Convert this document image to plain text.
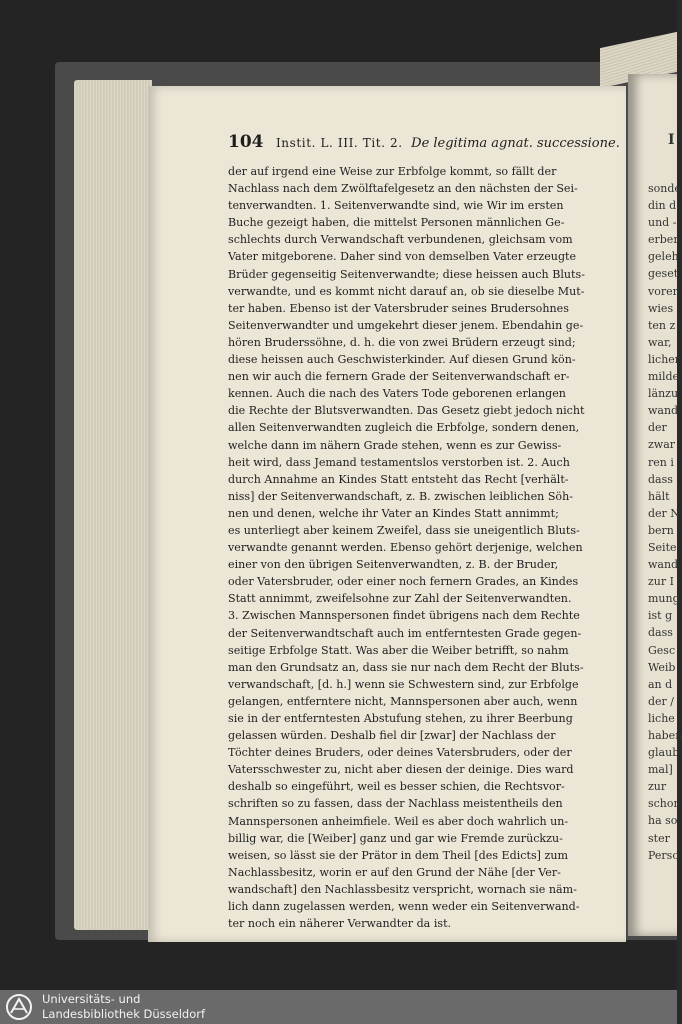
104 Instit. L. III. Tit. 2. De legitima agnat. successione.
der auf irgend eine Weise zur Erbfolge kommt, so fällt der
Nachlass nach dem Zwölftafelgesetz an den nächsten der Sei-
tenverwandten. 1. Seitenverwandte sind, wie Wir im ersten
Buche gezeigt haben, die mittelst Personen männlichen Ge-
schlechts durch Verwandschaft verbundenen, gleichsam vom
Vater mitgeborene. Daher sind von demselben Vater erzeugte
Brüder gegenseitig Seitenverwandte; diese heissen auch Bluts-
verwandte, und es kommt nicht darauf an, ob sie dieselbe Mut-
ter haben. Ebenso ist der Vatersbruder seines Brudersohnes
Seitenverwandter und umgekehrt dieser jenem. Ebendahin ge-
hören Bruderssöhne, d. h. die von zwei Brüdern erzeugt sind;
diese heissen auch Geschwisterkinder. Auf diesen Grund kön-
nen wir auch die fernern Grade der Seitenverwandschaft er-
kennen. Auch die nach des Vaters Tode geborenen erlangen
die Rechte der Blutsverwandten. Das Gesetz giebt jedoch nicht
allen Seitenverwandten zugleich die Erbfolge, sondern denen,
welche dann im nähern Grade stehen, wenn es zur Gewiss-
heit wird, dass Jemand testamentslos verstorben ist. 2. Auch
durch Annahme an Kindes Statt entsteht das Recht [verhält-
niss] der Seitenverwandschaft, z. B. zwischen leiblichen Söh-
nen und denen, welche ihr Vater an Kindes Statt annimmt;
es unterliegt aber keinem Zweifel, dass sie uneigentlich Bluts-
verwandte genannt werden. Ebenso gehört derjenige, welchen
einer von den übrigen Seitenverwandten, z. B. der Bruder,
oder Vatersbruder, oder einer noch fernern Grades, an Kindes
Statt annimmt, zweifelsohne zur Zahl der Seitenverwandten.
3. Zwischen Mannspersonen findet übrigens nach dem Rechte
der Seitenverwandtschaft auch im entferntesten Grade gegen-
seitige Erbfolge Statt. Was aber die Weiber betrifft, so nahm
man den Grundsatz an, dass sie nur nach dem Recht der Bluts-
verwandschaft, [d. h.] wenn sie Schwestern sind, zur Erbfolge
gelangen, entferntere nicht, Mannspersonen aber auch, wenn
sie in der entferntesten Abstufung stehen, zu ihrer Beerbung
gelassen würden. Deshalb fiel dir [zwar] der Nachlass der
Töchter deines Bruders, oder deines Vatersbruders, oder der
Vatersschwester zu, nicht aber diesen der deinige. Dies ward
deshalb so eingeführt, weil es besser schien, die Rechtsvor-
schriften so zu fassen, dass der Nachlass meistentheils den
Mannspersonen anheimfiele. Weil es aber doch wahrlich un-
billig war, die [Weiber] ganz und gar wie Fremde zurückzu-
weisen, so lässt sie der Prätor in dem Theil [des Edicts] zum
Nachlassbesitz, worin er auf den Grund der Nähe [der Ver-
wandschaft] den Nachlassbesitz verspricht, wornach sie näm-
lich dann zugelassen werden, wenn weder ein Seitenverwand-
ter noch ein näherer Verwandter da ist.
I
sonde
din d
und -
erber
geleh
geset
vorer
wies
ten z
war,
licher
milde
länzu
wand
der
zwar
ren i
dass
hält
der N
bern
Seite
wand
zur I
mung
ist g
dass
Gesc
Weib
an d
der /
liche
haben
glaub
mal]
zur
schon
ha so
ster
Perso
Universitäts- und
Landesbibliothek Düsseldorf
